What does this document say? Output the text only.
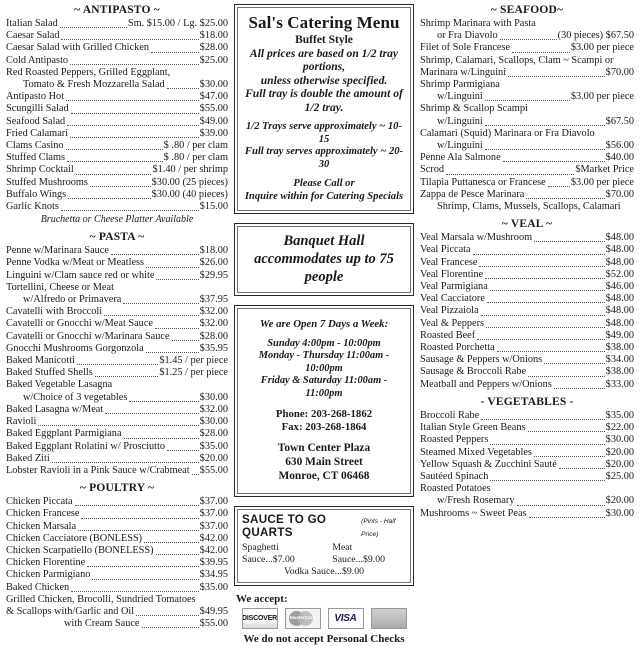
~ ANTIPASTO ~
Italian Salad	Sm. $15.00 / Lg. $25.00
Caesar Salad	$18.00
Caesar Salad with Grilled Chicken	$28.00
Cold Antipasto	$25.00
Red Roasted Peppers, Grilled Eggplant,
Tomato & Fresh Mozzarella Salad	$30.00
Antipasto Hot	$47.00
Scungilli Salad	$55.00
Seafood Salad	$49.00
Fried Calamari	$39.00
Clams Casino	$ .80 / per clam
Stuffed Clams	$ .80 / per clam
Shrimp Cocktail	$1.40 / per shrimp
Stuffed Mushrooms	$30.00 (25 pieces)
Buffalo Wings	$30.00 (40 pieces)
Garlic Knots	$15.00
Bruchetta or Cheese Platter Available
~ PASTA ~
Penne w/Marinara Sauce	$18.00
Penne Vodka w/Meat or Meatless	$26.00
Linguini w/Clam sauce red or white	$29.95
Tortellini, Cheese or Meat
w/Alfredo or Primavera	$37.95
Cavatelli with Broccoli	$32.00
Cavatelli or Gnocchi w/Meat Sauce	$32.00
Cavatelli or Gnocchi w/Marinara Sauce	$28.00
Gnocchi Mushrooms Gorgonzola	$35.95
Baked Manicotti	$1.45 / per piece
Baked Stuffed Shells	$1.25 / per piece
Baked Vegetable Lasagna
w/Choice of 3 vegetables	$30.00
Baked Lasagna w/Meat	$32.00
Ravioli	$30.00
Baked Eggplant Parmigiana	$28.00
Baked Eggplant Rolatini w/ Prosciutto	$35.00
Baked Ziti	$20.00
Lobster Ravioli in a Pink Sauce w/Crabmeat $55.00
~ POULTRY ~
Chicken Piccata	$37.00
Chicken Francese	$37.00
Chicken Marsala	$37.00
Chicken Cacciatore (BONLESS)	$42.00
Chicken Scarpatiello (BONELESS)	$42.00
Chicken Florentine	$39.95
Chicken Parmigiano	$34.95
Baked Chicken	$35.00
Grilled Chicken, Brocolli, Sundried Tomatoes
& Scallops with/Garlic and Oil	$49.95
with Cream Sauce	$55.00
Sal's Catering Menu
Buffet Style
All prices are based on 1/2 tray portions,
unless otherwise specified.
Full tray is double the amount of 1/2 tray.
1/2 Trays serve approximately ~ 10-15
Full tray serves approximately ~ 20-30
Please Call or
Inquire within for Catering Specials
Banquet Hall
accommodates up to 75 people
We are Open 7 Days a Week:
Sunday 4:00pm - 10:00pm
Monday - Thursday 11:00am - 10:00pm
Friday & Saturday 11:00am - 11:00pm
Phone: 203-268-1862
Fax: 203-268-1864
Town Center Plaza
630 Main Street
Monroe, CT 06468
SAUCE TO GO QUARTS
(Pints - Half Price)
Spaghetti Sauce...$7.00
Meat Sauce...$9.00
Vodka Sauce...$9.00
We accept:
DISCOVER	MasterCard	VISA
We do not accept Personal Checks
~ SEAFOOD~
Shrimp Marinara with Pasta
or Fra Diavolo	(30 pieces) $67.50
Filet of Sole Francese	$3.00 per piece
Shrimp, Calamari, Scallops, Clam ~ Scampi or
Marinara w/Linguini	$70.00
Shrimp Parmigiana
w/Linguini	$3.00 per piece
Shrimp & Scallop Scampi
w/Linguini	$67.50
Calamari (Squid) Marinara or Fra Diavolo
w/Linguini	$56.00
Penne Ala Salmone	$40.00
Scrod	$Market Price
Tilapia Puttanesca or Francese $3.00 per piece
Zappa de Pesce Marinara	$70.00
Shrimp, Clams, Mussels, Scallops, Calamari
~ VEAL ~
Veal Marsala w/Mushroom	$48.00
Veal Piccata	$48.00
Veal Francese	$48.00
Veal Florentine	$52.00
Veal Parmigiana	$46.00
Veal Cacciatore	$48.00
Veal Pizzaiola	$48.00
Veal & Peppers	$48.00
Roasted Beef	$49.00
Roasted Porchetta	$38.00
Sausage & Peppers w/Onions	$34.00
Sausage & Broccoli Rabe	$38.00
Meatball and Peppers w/Onions	$33.00
- VEGETABLES -
Broccoli Rabe	$35.00
Italian Style Green Beans	$22.00
Roasted Peppers	$30.00
Steamed Mixed Vegetables	$20.00
Yellow Squash & Zucchini Sauté	$20.00
Sautéed Spinach	$25.00
Roasted Potatoes
w/Fresh Rosemary	$20.00
Mushrooms ~ Sweet Peas	$30.00
